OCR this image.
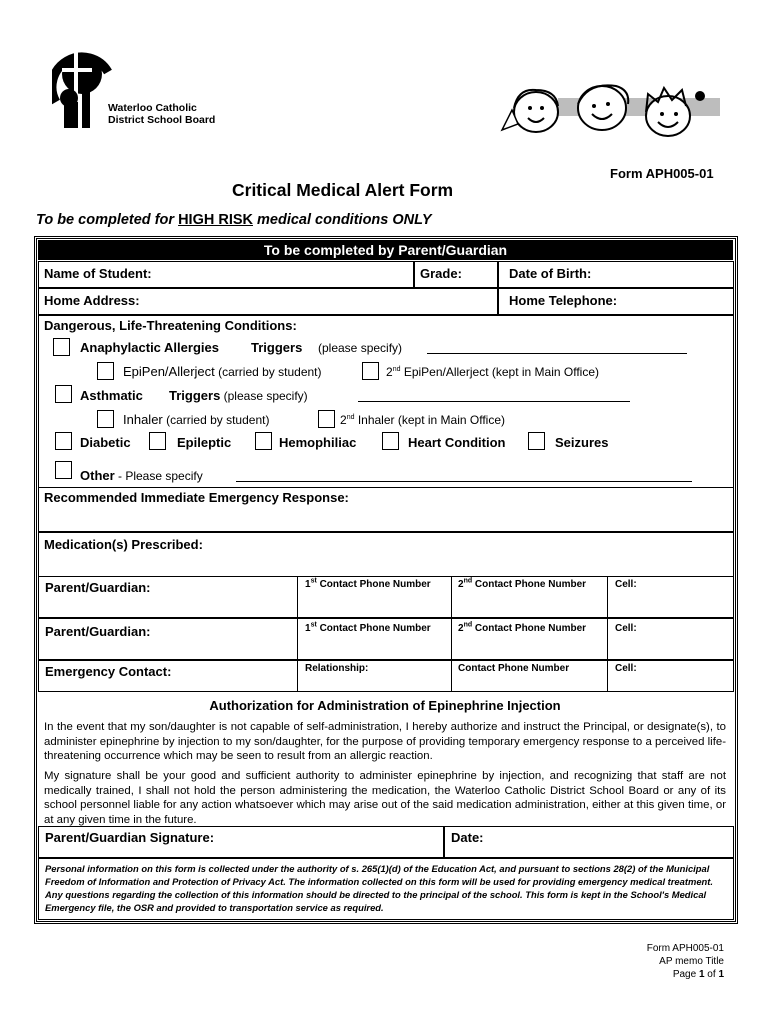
Waterloo Catholic
District School Board
Form APH005-01
Critical Medical Alert Form
To be completed for HIGH RISK medical conditions ONLY
To be completed by Parent/Guardian
Name of Student:	Grade:	Date of Birth:
Home Address:	Home Telephone:
Dangerous, Life-Threatening Conditions:
Anaphylactic Allergies Triggers (please specify)
EpiPen/Allerject (carried by student)	2nd EpiPen/Allerject (kept in Main Office)
Asthmatic Triggers (please specify)
Inhaler (carried by student)	2nd Inhaler (kept in Main Office)
Diabetic	Epileptic	Hemophiliac	Heart Condition	Seizures
Other - Please specify
Recommended Immediate Emergency Response:
Medication(s) Prescribed:
Parent/Guardian:	1st Contact Phone Number	2nd Contact Phone Number	Cell:
Parent/Guardian:	1st Contact Phone Number	2nd Contact Phone Number	Cell:
Emergency Contact:	Relationship:	Contact Phone Number	Cell:
Authorization for Administration of Epinephrine Injection
In the event that my son/daughter is not capable of self-administration, I hereby authorize and instruct the Principal, or designate(s), to administer epinephrine by injection to my son/daughter, for the purpose of providing temporary emergency response to a perceived life-threatening occurrence which may be seen to result from an allergic reaction.
My signature shall be your good and sufficient authority to administer epinephrine by injection, and recognizing that staff are not medically trained, I shall not hold the person administering the medication, the Waterloo Catholic District School Board or any of its school personnel liable for any action whatsoever which may arise out of the said medication administration, either at this given time, or at any given time in the future.
Parent/Guardian Signature:	Date:
Personal information on this form is collected under the authority of s. 265(1)(d) of the Education Act, and pursuant to sections 28(2) of the Municipal Freedom of Information and Protection of Privacy Act. The information collected on this form will be used for providing emergency medical treatment. Any questions regarding the collection of this information should be directed to the principal of the school. This form is kept in the School's Medical Emergency file, the OSR and provided to transportation service as required.
Form APH005-01
AP memo Title
Page 1 of 1
